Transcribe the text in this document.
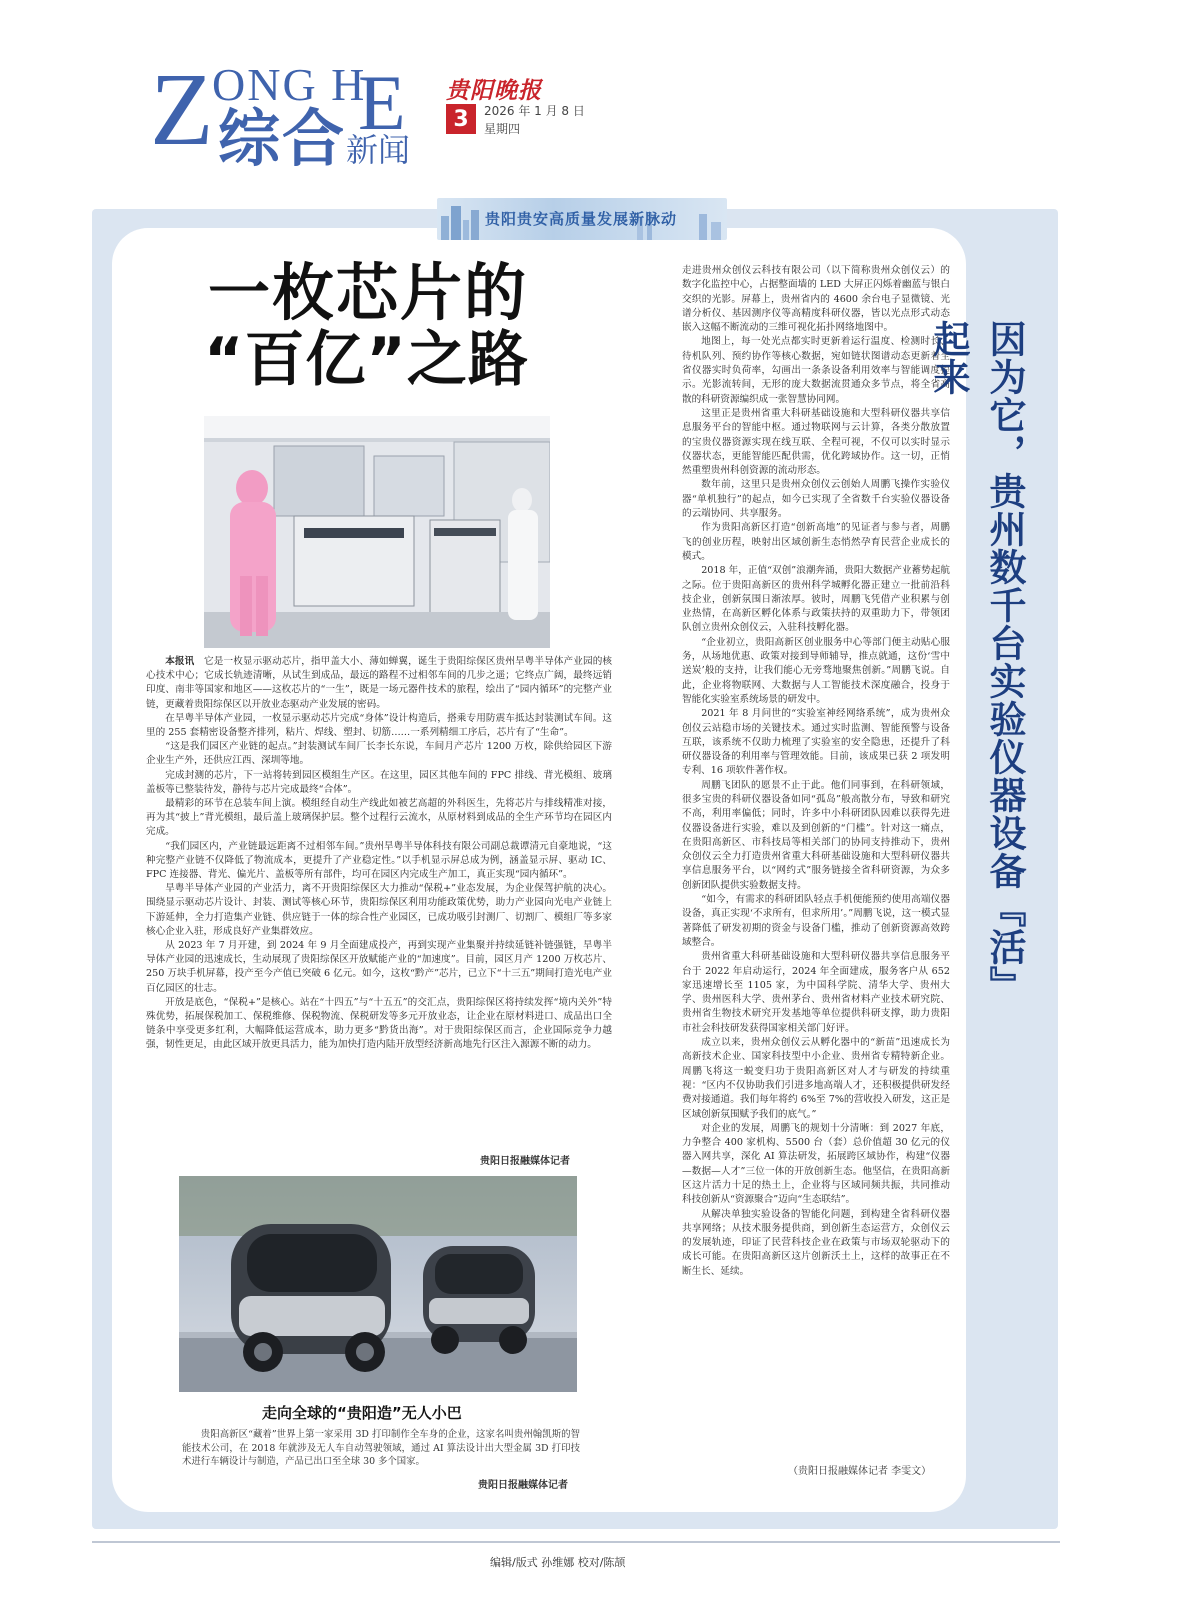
Z
ONG H
E
综合 新闻
贵阳晚报
3	2026 年 1 月 8 日
星期四
贵阳贵安高质量发展新脉动
一枚芯片的
“百亿”之路

本报讯  它是一枚显示驱动芯片，指甲盖大小、薄如蝉翼，诞生于贵阳综保区贵州旱粤半导体产业园的核心技术中心；它成长轨迹清晰，从试生到成品，最远的路程不过相邻车间的几步之遥；它终点广阔，最终远销印度、南非等国家和地区——这枚芯片的“一生”，既是一场元器件技术的旅程，绘出了“园内循环”的完整产业链，更藏着贵阳综保区以开放业态驱动产业发展的密码。

在旱粤半导体产业园，一枚显示驱动芯片完成“身体”设计构造后，搭乘专用防震车抵达封装测试车间。这里的 255 套精密设备整齐排列，粘片、焊线、塑封、切筋……一系列精细工序后，芯片有了“生命”。

“这是我们园区产业链的起点。”封装测试车间厂长李长东说，车间月产芯片 1200 万枚，除供给园区下游企业生产外，还供应江西、深圳等地。

完成封测的芯片，下一站将转到园区模组生产区。在这里，园区其他车间的 FPC 排线、背光模组、玻璃盖板等已整装待发，静待与芯片完成最终“合体”。

最精彩的环节在总装车间上演。模组经自动生产线此如被艺高超的外科医生，先将芯片与排线精准对接，再为其“披上”背光模组，最后盖上玻璃保护层。整个过程行云流水，从原材料到成品的全生产环节均在园区内完成。

“我们园区内，产业链最远距离不过相邻车间。”贵州旱粤半导体科技有限公司副总裁谭清元自豪地说，“这种完整产业链不仅降低了物流成本，更提升了产业稳定性。”以手机显示屏总成为例，涵盖显示屏、驱动 IC、FPC 连接器、背光、偏光片、盖板等所有部件，均可在园区内完成生产加工，真正实现“园内循环”。

旱粤半导体产业园的产业活力，离不开贵阳综保区大力推动“保税+”业态发展，为企业保驾护航的决心。围绕显示驱动芯片设计、封装、测试等核心环节，贵阳综保区利用功能政策优势，助力产业园向光电产业链上下游延伸，全力打造集产业链、供应链于一体的综合性产业园区，已成功吸引封测厂、切割厂、模组厂等多家核心企业入驻，形成良好产业集群效应。

从 2023 年 7 月开建，到 2024 年 9 月全面建成投产，再到实现产业集聚并持续延链补链强链，旱粤半导体产业园的迅速成长，生动展现了贵阳综保区开放赋能产业的“加速度”。目前，园区月产 1200 万枚芯片、250 万块手机屏幕，投产至今产值已突破 6 亿元。如今，这枚“黔产”芯片，已立下“十三五”期间打造光电产业百亿园区的壮志。

开放是底色，“保税+”是核心。站在“十四五”与“十五五”的交汇点，贵阳综保区将持续发挥“境内关外”特殊优势，拓展保税加工、保税维修、保税物流、保税研发等多元开放业态，让企业在原材料进口、成品出口全链条中享受更多红利，大幅降低运营成本，助力更多“黔货出海”。对于贵阳综保区而言，企业国际竞争力越强，韧性更足，由此区域开放更具活力，能为加快打造内陆开放型经济新高地先行区注入源源不断的动力。

贵阳日报融媒体记者

走进贵州众创仪云科技有限公司（以下简称贵州众创仪云）的数字化监控中心，占据整面墙的 LED 大屏正闪烁着幽蓝与银白交织的光影。屏幕上，贵州省内的 4600 余台电子显微镜、光谱分析仪、基因测序仪等高精度科研仪器，皆以光点形式动态嵌入这幅不断流动的三维可视化拓扑网络地图中。

地图上，每一处光点都实时更新着运行温度、检测时长、待机队列、预约协作等核心数据，宛如链状图谱动态更新着全省仪器实时负荷率，勾画出一条条设备利用效率与智能调度提示。光影流转间，无形的庞大数据流贯通众多节点，将全省高散的科研资源编织成一张智慧协同网。

这里正是贵州省重大科研基础设施和大型科研仪器共享信息服务平台的智能中枢。通过物联网与云计算，各类分散放置的宝贵仪器资源实现在线互联、全程可视，不仅可以实时显示仪器状态，更能智能匹配供需，优化跨域协作。这一切，正悄然重塑贵州科创资源的流动形态。

数年前，这里只是贵州众创仪云创始人周鹏飞操作实验仪器“单机独行”的起点，如今已实现了全省数千台实验仪器设备的云端协同、共享服务。

作为贵阳高新区打造“创新高地”的见证者与参与者，周鹏飞的创业历程，映射出区域创新生态悄然孕育民营企业成长的模式。

2018 年，正值“双创”浪潮奔涌，贵阳大数据产业蓄势起航之际。位于贵阳高新区的贵州科学城孵化器正建立一批前沿科技企业，创新氛围日渐浓厚。彼时，周鹏飞凭借产业积累与创业热情，在高新区孵化体系与政策扶持的双重助力下，带领团队创立贵州众创仪云，入驻科技孵化器。

“企业初立，贵阳高新区创业服务中心等部门便主动贴心服务，从场地优惠、政策对接到导师辅导，推点就通，这份‘雪中送炭’般的支持，让我们能心无旁骛地聚焦创新。”周鹏飞说。自此，企业将物联网、大数据与人工智能技术深度融合，投身于智能化实验室系统场景的研发中。

2021 年 8 月问世的“实验室神经网络系统”，成为贵州众创仪云站稳市场的关键技术。通过实时监测、智能预警与设备互联，该系统不仅助力梳理了实验室的安全隐患，还提升了科研仪器设备的利用率与管理效能。目前，该成果已获 2 项发明专利、16 项软件著作权。

周鹏飞团队的愿景不止于此。他们同事到，在科研领域，很多宝贵的科研仪器设备如同“孤岛”般高散分布，导致和研究不高，利用率偏低；同时，许多中小科研团队因难以获得先进仪器设备进行实验，难以及到创新的“门槛”。针对这一痛点，在贵阳高新区、市科技局等相关部门的协同支持推动下，贵州众创仪云全力打造贵州省重大科研基础设施和大型科研仪器共享信息服务平台，以“网约式”服务链接全省科研资源，为众多创新团队提供实验数据支持。

“如今，有需求的科研团队轻点手机便能预约使用高端仪器设备，真正实现‘不求所有，但求所用’。”周鹏飞说，这一模式显著降低了研发初期的资金与设备门槛，推动了创新资源高效跨域整合。

贵州省重大科研基础设施和大型科研仪器共享信息服务平台于 2022 年启动运行，2024 年全面建成，服务客户从 652 家迅速增长至 1105 家，为中国科学院、清华大学、贵州大学、贵州医科大学、贵州茅台、贵州省材料产业技术研究院、贵州省生物技术研究开发基地等单位提供科研支撑，助力贵阳市社会科技研发获得国家相关部门好评。

成立以来，贵州众创仪云从孵化器中的“新苗”迅速成长为高新技术企业、国家科技型中小企业、贵州省专精特新企业。周鹏飞将这一蜕变归功于贵阳高新区对人才与研发的持续重视：“区内不仅协助我们引进多地高端人才，还积极提供研发经费对接通道。我们每年将约 6%至 7%的营收投入研发，这正是区域创新氛围赋予我们的底气。”

对企业的发展，周鹏飞的规划十分清晰：到 2027 年底，力争整合 400 家机构、5500 台（套）总价值超 30 亿元的仪器入网共享，深化 AI 算法研发，拓展跨区域协作，构建“仪器—数据—人才”三位一体的开放创新生态。他坚信，在贵阳高新区这片活力十足的热土上，企业将与区域同频共振，共同推动科技创新从“资源聚合”迈向“生态联结”。

从解决单独实验设备的智能化问题，到构建全省科研仪器共享网络；从技术服务提供商，到创新生态运营方，众创仪云的发展轨迹，印证了民营科技企业在政策与市场双轮驱动下的成长可能。在贵阳高新区这片创新沃土上，这样的故事正在不断生长、延续。

（贵阳日报融媒体记者 李雯文）
因为它，贵州数千台实验仪器设备『活』起来
走向全球的“贵阳造”无人小巴
贵阳高新区“藏着”世界上第一家采用 3D 打印制作全车身的企业，这家名叫贵州翰凯斯的智能技术公司，在 2018 年就涉及无人车自动驾驶领域，通过 AI 算法设计出大型金属 3D 打印技术进行车辆设计与制造，产品已出口至全球 30 多个国家。
贵阳日报融媒体记者
编辑/版式 孙维娜 校对/陈颉
